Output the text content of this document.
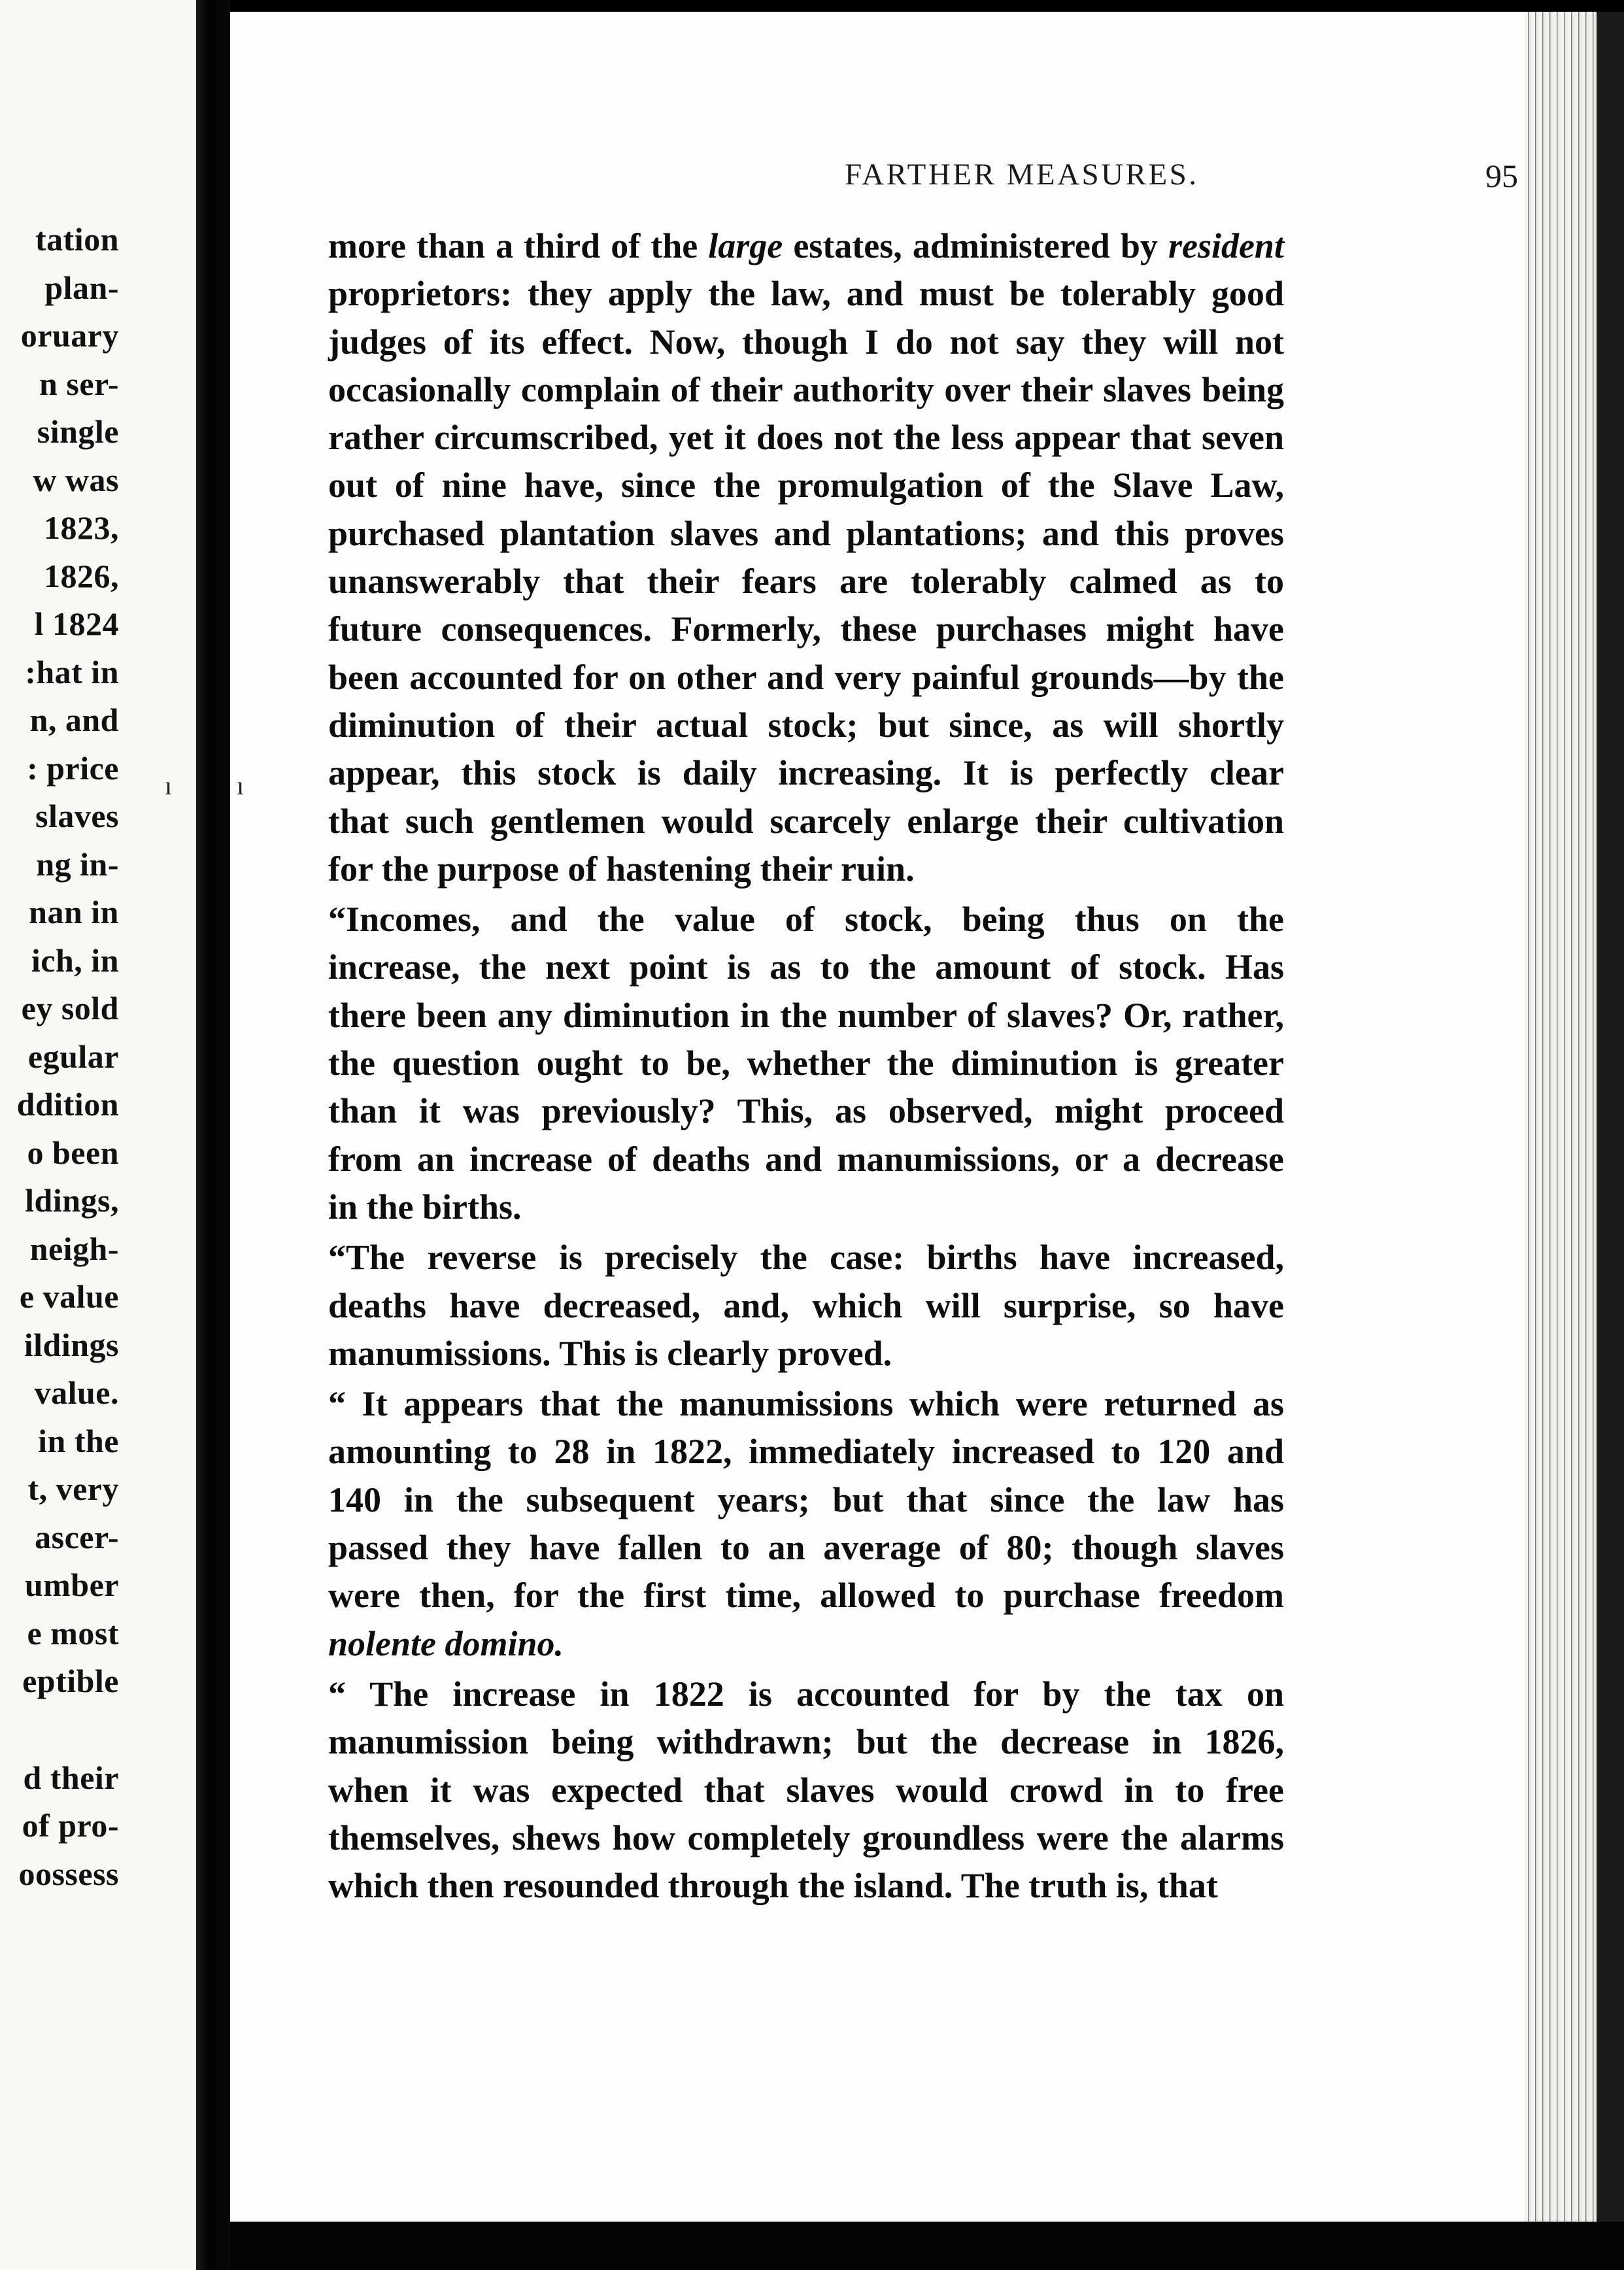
tation
plan-
oruary
n ser-
single
w was
1823,
1826,
l 1824
:hat in
n, and
: price
slaves
ng in-
nan in
ich, in
ey sold
egular
ddition
o been
ldings,
neigh-
e value
ildings
value.
in the
t, very
ascer-
umber
e most
eptible
d their
of pro-
oossess
FARTHER MEASURES.	95
more than a third of the large estates, administered by resident
proprietors: they apply the law, and must be tolerably good
judges of its effect. Now, though I do not say they will not
occasionally complain of their authority over their slaves being
rather circumscribed, yet it does not the less appear that seven
out of nine have, since the promulgation of the Slave Law,
purchased plantation slaves and plantations; and this proves
unanswerably that their fears are tolerably calmed as to
future consequences. Formerly, these purchases might have
been accounted for on other and very painful grounds—by the
diminution of their actual stock; but since, as will shortly
appear, this stock is daily increasing. It is perfectly clear
that such gentlemen would scarcely enlarge their cultivation
for the purpose of hastening their ruin.
“Incomes, and the value of stock, being thus on the
increase, the next point is as to the amount of stock. Has
there been any diminution in the number of slaves? Or, rather,
the question ought to be, whether the diminution is greater
than it was previously? This, as observed, might proceed
from an increase of deaths and manumissions, or a decrease
in the births.
“The reverse is precisely the case: births have increased,
deaths have decreased, and, which will surprise, so have
manumissions. This is clearly proved.
“ It appears that the manumissions which were returned as
amounting to 28 in 1822, immediately increased to 120 and
140 in the subsequent years; but that since the law has
passed they have fallen to an average of 80; though slaves
were then, for the first time, allowed to purchase freedom
nolente domino.
“ The increase in 1822 is accounted for by the tax on
manumission being withdrawn; but the decrease in 1826,
when it was expected that slaves would crowd in to free
themselves, shews how completely groundless were the alarms
which then resounded through the island. The truth is, that
ı ı
